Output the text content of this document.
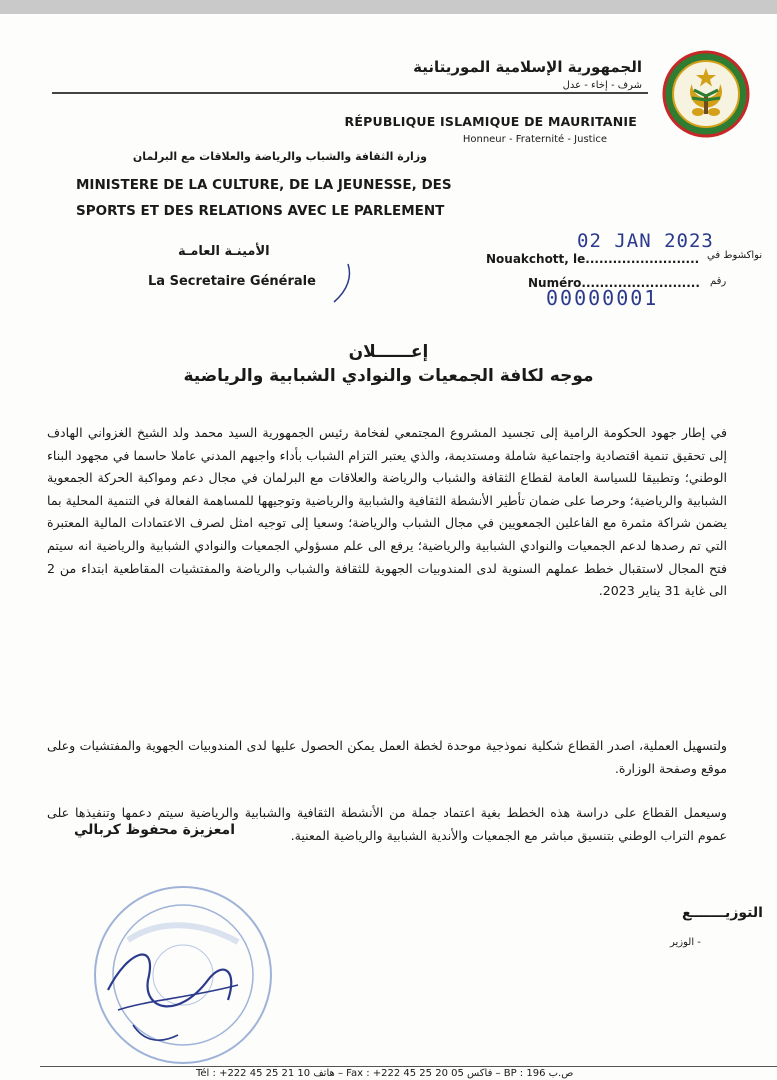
الجمهورية الإسلامية الموريتانية
شرف - إخاء - عدل
RÉPUBLIQUE ISLAMIQUE DE MAURITANIE
Honneur - Fraternité - Justice
وزارة الثقافة والشباب والرياضة والعلاقات مع البرلمان
MINISTERE DE LA CULTURE, DE LA JEUNESSE, DES
SPORTS ET DES RELATIONS AVEC LE PARLEMENT
الأمينـة العامـة
La Secretaire Générale
02 JAN 2023
Nouakchott, le......................... نواكشوط في
Numéro.......................... رقم
00000001
إعــــــلان
موجه لكافة الجمعيات والنوادي الشبابية والرياضية
في إطار جهود الحكومة الرامية إلى تجسيد المشروع المجتمعي لفخامة رئيس الجمهورية السيد محمد ولد الشيخ الغزواني الهادف إلى تحقيق تنمية اقتصادية واجتماعية شاملة ومستديمة، والذي يعتبر التزام الشباب بأداء واجبهم المدني عاملا حاسما في مجهود البناء الوطني؛ وتطبيقا للسياسة العامة لقطاع الثقافة والشباب والرياضة والعلاقات مع البرلمان في مجال دعم ومواكبة الحركة الجمعوية الشبابية والرياضية؛ وحرصا على ضمان تأطير الأنشطة الثقافية والشبابية والرياضية وتوجيهها للمساهمة الفعالة في التنمية المحلية بما يضمن شراكة مثمرة مع الفاعلين الجمعويين في مجال الشباب والرياضة؛ وسعيا إلى توجيه امثل لصرف الاعتمادات المالية المعتبرة التي تم رصدها لدعم الجمعيات والنوادي الشبابية والرياضية؛ يرفع الى علم مسؤولي الجمعيات والنوادي الشبابية والرياضية انه سيتم فتح المجال لاستقبال خطط عملهم السنوية لدى المندوبيات الجهوية للثقافة والشباب والرياضة والمفتشيات المقاطعية ابتداء من 2 الى غاية 31 يناير 2023.
ولتسهيل العملية، اصدر القطاع شكلية نموذجية موحدة لخطة العمل يمكن الحصول عليها لدى المندوبيات الجهوية والمفتشيات وعلى موقع وصفحة الوزارة.
وسيعمل القطاع على دراسة هذه الخطط بغية اعتماد جملة من الأنشطة الثقافية والشبابية والرياضية سيتم دعمها وتنفيذها على عموم التراب الوطني بتنسيق مباشر مع الجمعيات والأندية الشبابية والرياضية المعنية.
امعزيزة محفوظ كربالي
التوزيـــــــع
- الوزير
Tél : +222 45 25 21 10 هاتف – Fax : +222 45 25 20 05 فاكس – BP : 196 ص.ب
